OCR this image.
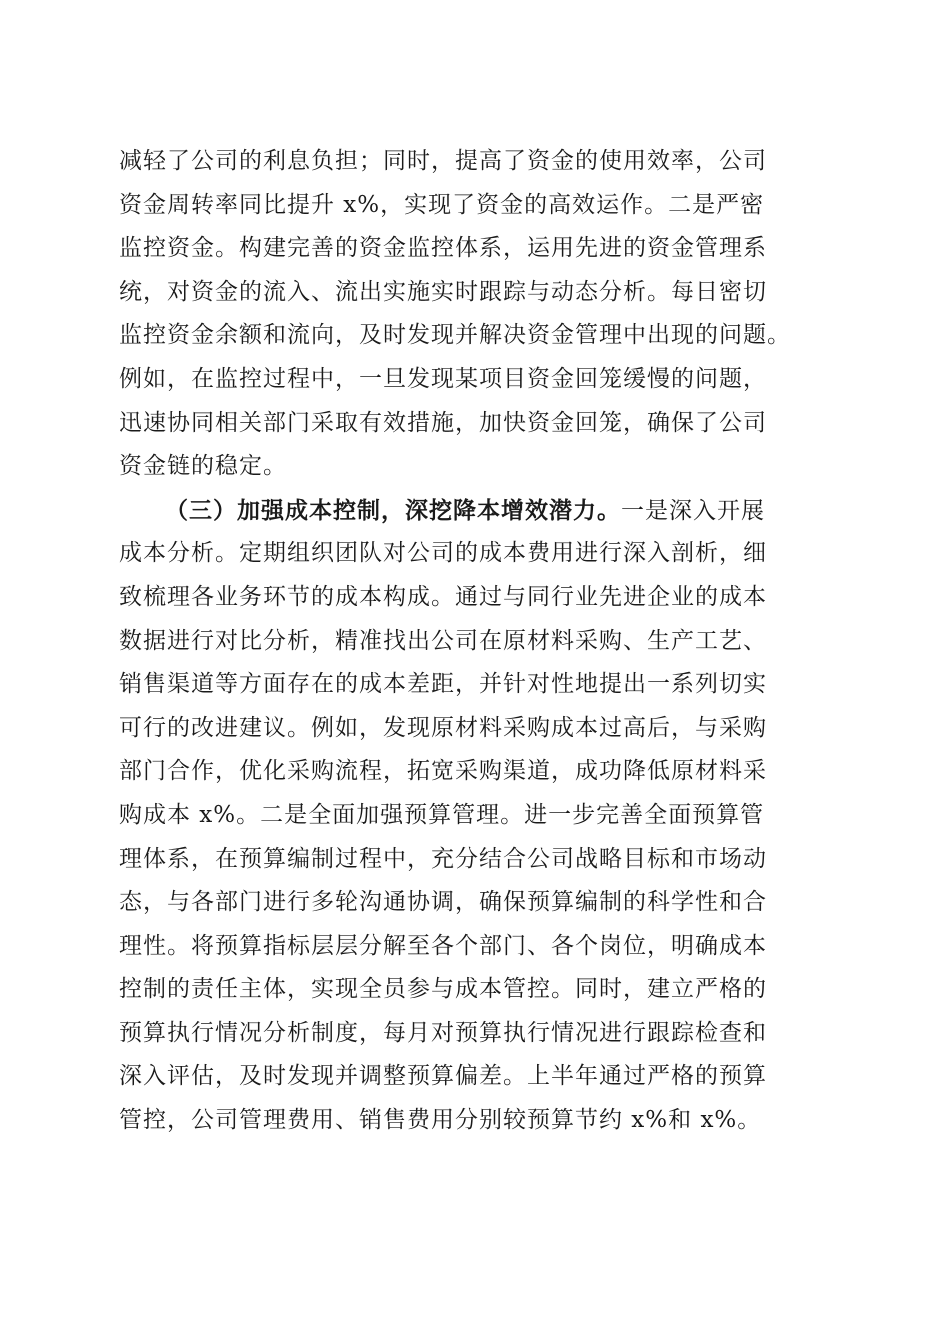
减轻了公司的利息负担；同时，提高了资金的使用效率，公司
资金周转率同比提升 x%，实现了资金的高效运作。二是严密
监控资金。构建完善的资金监控体系，运用先进的资金管理系
统，对资金的流入、流出实施实时跟踪与动态分析。每日密切
监控资金余额和流向，及时发现并解决资金管理中出现的问题。
例如，在监控过程中，一旦发现某项目资金回笼缓慢的问题，
迅速协同相关部门采取有效措施，加快资金回笼，确保了公司
资金链的稳定。
（三）加强成本控制，深挖降本增效潜力。一是深入开展
成本分析。定期组织团队对公司的成本费用进行深入剖析，细
致梳理各业务环节的成本构成。通过与同行业先进企业的成本
数据进行对比分析，精准找出公司在原材料采购、生产工艺、
销售渠道等方面存在的成本差距，并针对性地提出一系列切实
可行的改进建议。例如，发现原材料采购成本过高后，与采购
部门合作，优化采购流程，拓宽采购渠道，成功降低原材料采
购成本 x%。二是全面加强预算管理。进一步完善全面预算管
理体系，在预算编制过程中，充分结合公司战略目标和市场动
态，与各部门进行多轮沟通协调，确保预算编制的科学性和合
理性。将预算指标层层分解至各个部门、各个岗位，明确成本
控制的责任主体，实现全员参与成本管控。同时，建立严格的
预算执行情况分析制度，每月对预算执行情况进行跟踪检查和
深入评估，及时发现并调整预算偏差。上半年通过严格的预算
管控，公司管理费用、销售费用分别较预算节约 x%和 x%。
